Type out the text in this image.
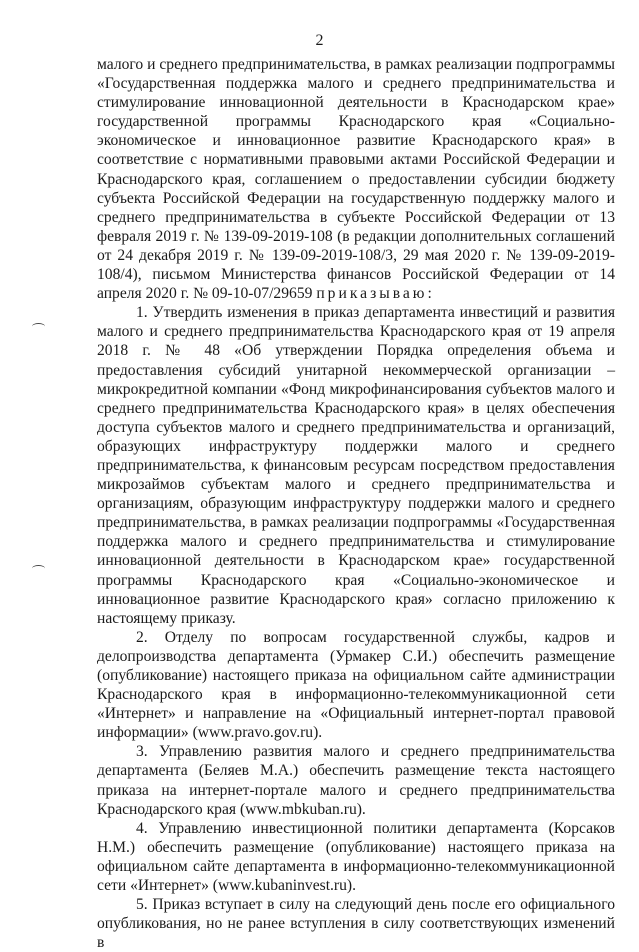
2

малого и среднего предпринимательства, в рамках реализации подпрограммы «Государственная поддержка малого и среднего предпринимательства и стимулирование инновационной деятельности в Краснодарском крае» государственной программы Краснодарского края «Социально-экономическое и инновационное развитие Краснодарского края» в соответствие с нормативными правовыми актами Российской Федерации и Краснодарского края, соглашением о предоставлении субсидии бюджету субъекта Российской Федерации на государственную поддержку малого и среднего предпринимательства в субъекте Российской Федерации от 13 февраля 2019 г. № 139-09-2019-108 (в редакции дополнительных соглашений от 24 декабря 2019 г. № 139-09-2019-108/3, 29 мая 2020 г. № 139-09-2019-108/4), письмом Министерства финансов Российской Федерации от 14 апреля 2020 г. № 09-10-07/29659 приказываю:

1. Утвердить изменения в приказ департамента инвестиций и развития малого и среднего предпринимательства Краснодарского края от 19 апреля 2018 г. № 48 «Об утверждении Порядка определения объема и предоставления субсидий унитарной некоммерческой организации – микрокредитной компании «Фонд микрофинансирования субъектов малого и среднего предпринимательства Краснодарского края» в целях обеспечения доступа субъектов малого и среднего предпринимательства и организаций, образующих инфраструктуру поддержки малого и среднего предпринимательства, к финансовым ресурсам посредством предоставления микрозаймов субъектам малого и среднего предпринимательства и организациям, образующим инфраструктуру поддержки малого и среднего предпринимательства, в рамках реализации подпрограммы «Государственная поддержка малого и среднего предпринимательства и стимулирование инновационной деятельности в Краснодарском крае» государственной программы Краснодарского края «Социально-экономическое и инновационное развитие Краснодарского края» согласно приложению к настоящему приказу.

2. Отделу по вопросам государственной службы, кадров и делопроизводства департамента (Урмакер С.И.) обеспечить размещение (опубликование) настоящего приказа на официальном сайте администрации Краснодарского края в информационно-телекоммуникационной сети «Интернет» и направление на «Официальный интернет-портал правовой информации» (www.pravo.gov.ru).

3. Управлению развития малого и среднего предпринимательства департамента (Беляев М.А.) обеспечить размещение текста настоящего приказа на интернет-портале малого и среднего предпринимательства Краснодарского края (www.mbkuban.ru).

4. Управлению инвестиционной политики департамента (Корсаков Н.М.) обеспечить размещение (опубликование) настоящего приказа на официальном сайте департамента в информационно-телекоммуникационной сети «Интернет» (www.kubaninvest.ru).

5. Приказ вступает в силу на следующий день после его официального опубликования, но не ранее вступления в силу соответствующих изменений в
